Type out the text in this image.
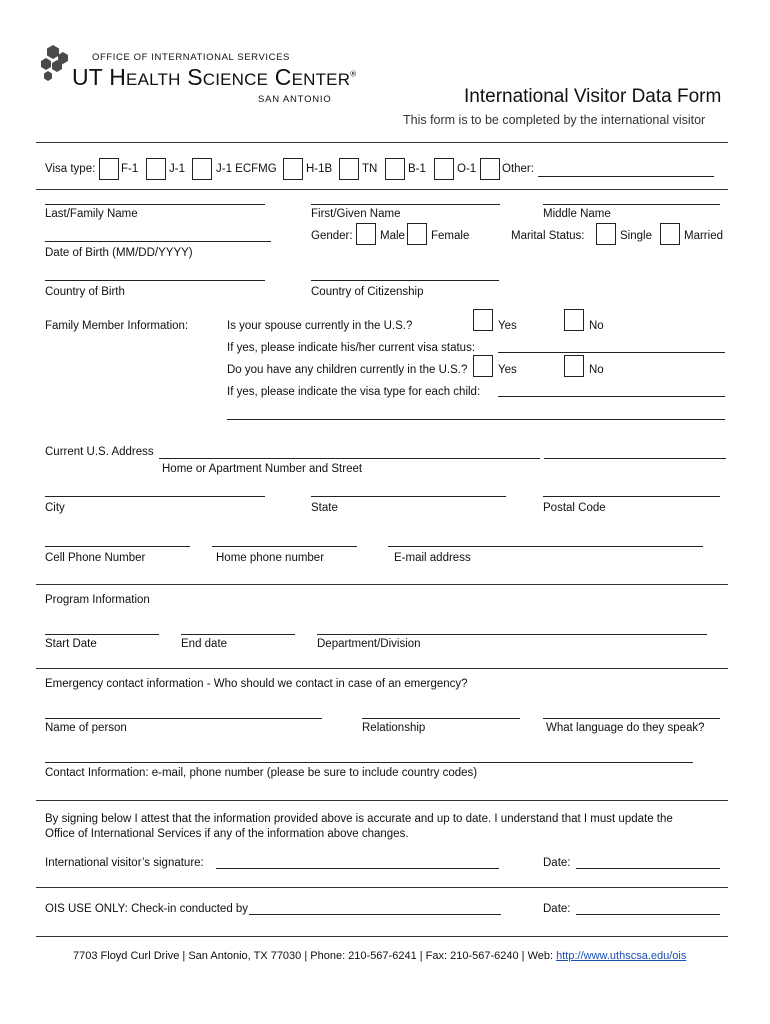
OFFICE OF INTERNATIONAL SERVICES
UT HEALTH SCIENCE CENTER®
SAN ANTONIO	International Visitor Data Form
This form is to be completed by the international visitor
Visa type: F-1	J-1	J-1 ECFMG	H-1B	TN	B-1	O-1 Other:
Last/Family Name	First/Given Name	Middle Name
Gender: Male Female	Marital Status:	Single	Married
Date of Birth (MM/DD/YYYY)
Country of Birth	Country of Citizenship
Family Member Information:	Is your spouse currently in the U.S.?	Yes	No
If yes, please indicate his/her current visa status:
Do you have any children currently in the U.S.?	Yes	No
If yes, please indicate the visa type for each child:
Current U.S. Address
Home or Apartment Number and Street
City	State	Postal Code
Cell Phone Number	Home phone number	E-mail address
Program Information
Start Date	End date	Department/Division
Emergency contact information - Who should we contact in case of an emergency?
Name of person	Relationship	What language do they speak?
Contact Information: e-mail, phone number (please be sure to include country codes)
By signing below I attest that the information provided above is accurate and up to date. I understand that I must update the
Office of International Services if any of the information above changes.
International visitor’s signature:	Date:
OIS USE ONLY: Check-in conducted by	Date:
7703 Floyd Curl Drive | San Antonio, TX 77030 | Phone: 210-567-6241 | Fax: 210-567-6240 | Web: http://www.uthscsa.edu/ois
